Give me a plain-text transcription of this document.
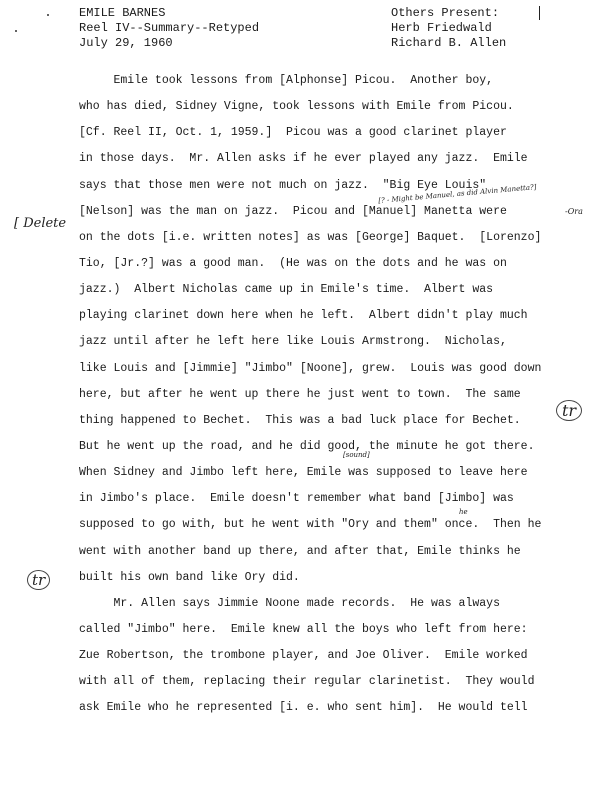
EMILE BARNES
Reel IV--Summary--Retyped
July 29, 1960
Others Present:
Herb Friedwald
Richard B. Allen
Emile took lessons from [Alphonse] Picou.  Another boy,
who has died, Sidney Vigne, took lessons with Emile from Picou.
[Cf. Reel II, Oct. 1, 1959.]  Picou was a good clarinet player
in those days.  Mr. Allen asks if he ever played any jazz.  Emile
says that those men were not much on jazz.  "Big Eye Louis"
[Nelson] was the man on jazz.  Picou and [Manuel] Manetta were
on the dots [i.e. written notes] as was [George] Baquet.  [Lorenzo]
Tio, [Jr.?] was a good man.  (He was on the dots and he was on
jazz.)  Albert Nicholas came up in Emile's time.  Albert was
playing clarinet down here when he left.  Albert didn't play much
jazz until after he left here like Louis Armstrong.  Nicholas,
like Louis and [Jimmie] "Jimbo" [Noone], grew.  Louis was good down
here, but after he went up there he just went to town.  The same
thing happened to Bechet.  This was a bad luck place for Bechet.
But he went up the road, and he did good, the minute he got there.
When Sidney and Jimbo left here, Emile was supposed to leave here
in Jimbo's place.  Emile doesn't remember what band [Jimbo] was
supposed to go with, but he went with "Ory and them" once.  Then he
went with another band up there, and after that, Emile thinks he
built his own band like Ory did.
Mr. Allen says Jimmie Noone made records.  He was always
called "Jimbo" here.  Emile knew all the boys who left from here:
Zue Robertson, the trombone player, and Joe Oliver.  Emile worked
with all of them, replacing their regular clarinetist.  They would
ask Emile who he represented [i. e. who sent him].  He would tell
[ Delete
[? - Might be Manuel, as did Alvin Manetta?]
-Ora
[sound]
he
tr
tr
